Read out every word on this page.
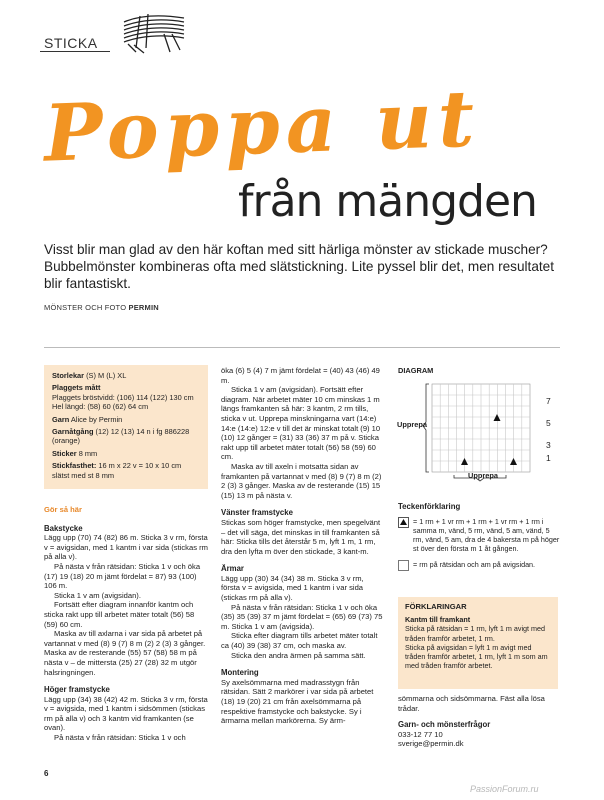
STICKA
Poppa ut
från mängden
Visst blir man glad av den här koftan med sitt härliga mönster av stickade muscher? Bubbelmönster kombineras ofta med slätstickning. Lite pyssel blir det, men resultatet blir fantastiskt.
MÖNSTER OCH FOTO PERMIN

Storlekar (S) M (L) XL

Plaggets mått

Plaggets bröstvidd: (106) 114 (122) 130 cm

Hel längd: (58) 60 (62) 64 cm

Garn Alice by Permin

Garnåtgång (12) 12 (13) 14 n i fg 886228 (orange)

Sticker 8 mm

Stickfasthet: 16 m x 22 v = 10 x 10 cm slätst med st 8 mm

Gör så här
Bakstycke

Lägg upp (70) 74 (82) 86 m. Sticka 3 v rm, första v = avigsidan, med 1 kantm i var sida (stickas rm på alla v).

På nästa v från rätsidan: Sticka 1 v och öka (17) 19 (18) 20 m jämt fördelat = 87) 93 (100) 106 m.

Sticka 1 v am (avigsidan).

Fortsätt efter diagram innanför kantm och sticka rakt upp till arbetet mäter totalt (56) 58 (59) 60 cm.

Maska av till axlarna i var sida på arbetet på vartannat v med (8) 9 (7) 8 m (2) 2 (3) 3 gånger. Maska av de resterande (55) 57 (58) 58 m på nästa v – de mittersta (25) 27 (28) 32 m utgör halsringningen.

Höger framstycke

Lägg upp (34) 38 (42) 42 m. Sticka 3 v rm, första v = avigsida, med 1 kantm i sidsömmen (stickas rm på alla v) och 3 kantm vid framkanten (se ovan).

På nästa v från rätsidan: Sticka 1 v och

öka (6) 5 (4) 7 m jämt fördelat = (40) 43 (46) 49 m.

Sticka 1 v am (avigsidan). Fortsätt efter diagram. När arbetet mäter 10 cm minskas 1 m längs framkanten så här: 3 kantm, 2 rm tills, sticka v ut. Upprepa minskningarna vart (14:e) 14:e (14:e) 12:e v till det är minskat totalt (9) 10 (10) 12 gånger = (31) 33 (36) 37 m på v. Sticka rakt upp till arbetet mäter totalt (56) 58 (59) 60 cm.

Maska av till axeln i motsatta sidan av framkanten på vartannat v med (8) 9 (7) 8 m (2) 2 (3) 3 gånger. Maska av de resterande (15) 15 (15) 13 m på nästa v.

Vänster framstycke

Stickas som höger framstycke, men spegelvänt – det vill säga, det minskas in till framkanten så här: Sticka tills det återstår 5 m, lyft 1 m, 1 rm, dra den lyfta m över den stickade, 3 kant-m.

Ärmar

Lägg upp (30) 34 (34) 38 m. Sticka 3 v rm, första v = avigsida, med 1 kantm i var sida (stickas rm på alla v).

På nästa v från rätsidan: Sticka 1 v och öka (35) 35 (39) 37 m jämt fördelat = (65) 69 (73) 75 m. Sticka 1 v am (avigsida).

Sticka efter diagram tills arbetet mäter totalt ca (40) 39 (38) 37 cm, och maska av.

Sticka den andra ärmen på samma sätt.

Montering

Sy axelsömmarna med madrasstygn från rätsidan. Sätt 2 markörer i var sida på arbetet (18) 19 (20) 21 cm från axelsömmarna på respektive framstycke och bakstycke. Sy i ärmarna mellan markörerna. Sy ärm-

DIAGRAM
7
5
3
1
Upprepa
Upprepa
Teckenförklaring

= 1 rm + 1 vr rm + 1 rm + 1 vr rm + 1 rm i samma m, vänd, 5 rm, vänd, 5 am, vänd, 5 rm, vänd, 5 am, dra de 4 bakersta m på höger st över den första m 1 åt gången.

= rm på rätsidan och am på avigsidan.

FÖRKLARINGAR

Kantm till framkant

Sticka på rätsidan = 1 rm, lyft 1 m avigt med tråden framför arbetet, 1 rm.

Sticka på avigsidan = lyft 1 m avigt med tråden framför arbetet, 1 rm, lyft 1 m som am med tråden framför arbetet.

sömmarna och sidsömmarna. Fäst alla lösa trådar.

Garn- och mönsterfrågor

033-12 77 10

sverige@permin.dk

6
PassionForum.ru
